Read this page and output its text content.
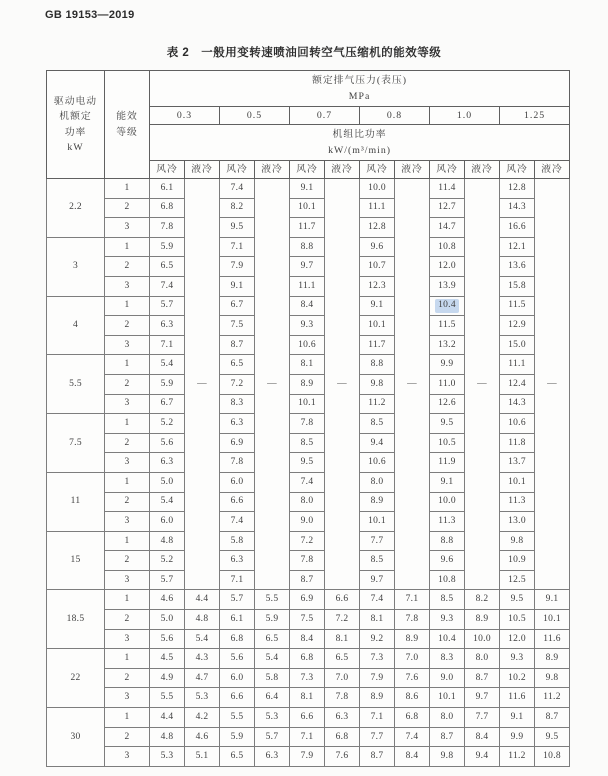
GB 19153—2019
表 2　一般用变转速喷油回转空气压缩机的能效等级
驱动电动
机额定
功率
kW

能效
等级

额定排气压力(表压)
MPa

		0.3		0.5		0.7		0.8		1.0		1.25	

		机组比功率
kW/(m³/min)											

		风冷	液冷	风冷	液冷	风冷	液冷	风冷	液冷	风冷	液冷	风冷	液冷
2.2	1	6.1	—	7.4	—	9.1	—	10.0	—	11.4	—	12.8	—
	2	6.8		8.2		10.1		11.1		12.7		14.3	
	3	7.8		9.5		11.7		12.8		14.7		16.6	
3	1	5.9		7.1		8.8		9.6		10.8		12.1	
	2	6.5		7.9		9.7		10.7		12.0		13.6	
	3	7.4		9.1		11.1		12.3		13.9		15.8	
4	1	5.7		6.7		8.4		9.1		10.4		11.5	
	2	6.3		7.5		9.3		10.1		11.5		12.9	
	3	7.1		8.7		10.6		11.7		13.2		15.0	
5.5	1	5.4		6.5		8.1		8.8		9.9		11.1	
	2	5.9		7.2		8.9		9.8		11.0		12.4	
	3	6.7		8.3		10.1		11.2		12.6		14.3	
7.5	1	5.2		6.3		7.8		8.5		9.5		10.6	
	2	5.6		6.9		8.5		9.4		10.5		11.8	
	3	6.3		7.8		9.5		10.6		11.9		13.7	
11	1	5.0		6.0		7.4		8.0		9.1		10.1	
	2	5.4		6.6		8.0		8.9		10.0		11.3	
	3	6.0		7.4		9.0		10.1		11.3		13.0	
15	1	4.8		5.8		7.2		7.7		8.8		9.8	
	2	5.2		6.3		7.8		8.5		9.6		10.9	
	3	5.7		7.1		8.7		9.7		10.8		12.5	
18.5	1	4.6	4.4	5.7	5.5	6.9	6.6	7.4	7.1	8.5	8.2	9.5	9.1
	2	5.0	4.8	6.1	5.9	7.5	7.2	8.1	7.8	9.3	8.9	10.5	10.1
	3	5.6	5.4	6.8	6.5	8.4	8.1	9.2	8.9	10.4	10.0	12.0	11.6
22	1	4.5	4.3	5.6	5.4	6.8	6.5	7.3	7.0	8.3	8.0	9.3	8.9
	2	4.9	4.7	6.0	5.8	7.3	7.0	7.9	7.6	9.0	8.7	10.2	9.8
	3	5.5	5.3	6.6	6.4	8.1	7.8	8.9	8.6	10.1	9.7	11.6	11.2
30	1	4.4	4.2	5.5	5.3	6.6	6.3	7.1	6.8	8.0	7.7	9.1	8.7
	2	4.8	4.6	5.9	5.7	7.1	6.8	7.7	7.4	8.7	8.4	9.9	9.5
	3	5.3	5.1	6.5	6.3	7.9	7.6	8.7	8.4	9.8	9.4	11.2	10.8
